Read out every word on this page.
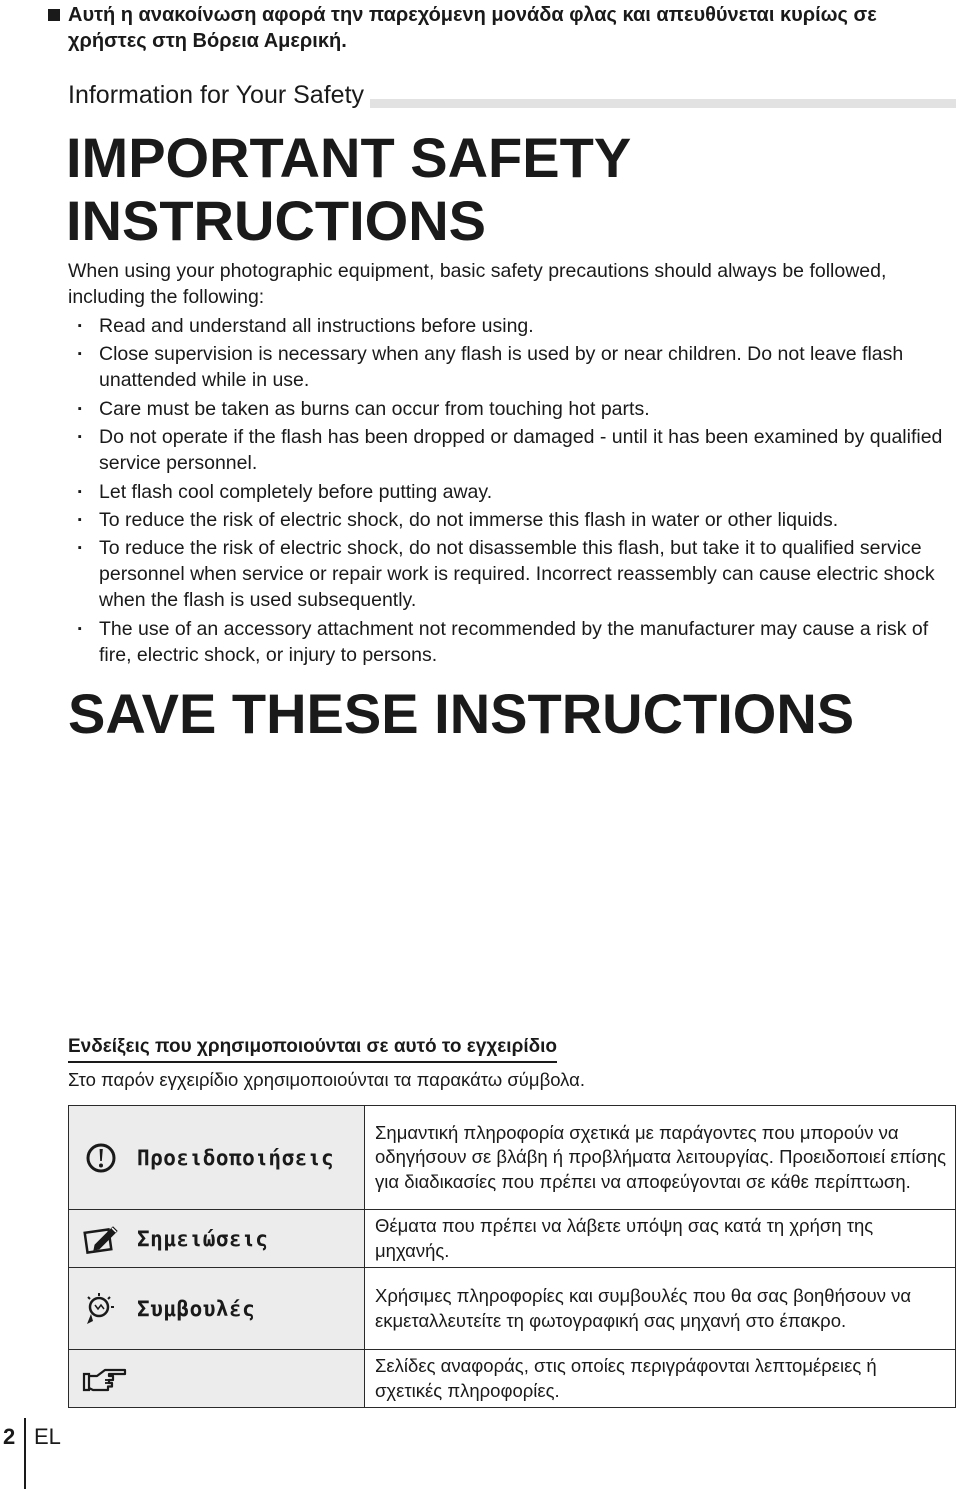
Αυτή η ανακοίνωση αφορά την παρεχόμενη μονάδα φλας και απευθύνεται κυρίως σε χρήστες στη Βόρεια Αμερική.
Information for Your Safety
IMPORTANT SAFETY
INSTRUCTIONS
When using your photographic equipment, basic safety precautions should always be followed, including the following:
· Read and understand all instructions before using.
· Close supervision is necessary when any flash is used by or near children. Do not leave flash unattended while in use.
· Care must be taken as burns can occur from touching hot parts.
· Do not operate if the flash has been dropped or damaged - until it has been examined by qualified service personnel.
· Let flash cool completely before putting away.
· To reduce the risk of electric shock, do not immerse this flash in water or other liquids.
· To reduce the risk of electric shock, do not disassemble this flash, but take it to qualified service personnel when service or repair work is required. Incorrect reassembly can cause electric shock when the flash is used subsequently.
· The use of an accessory attachment not recommended by the manufacturer may cause a risk of fire, electric shock, or injury to persons.
SAVE THESE INSTRUCTIONS
Ενδείξεις που χρησιμοποιούνται σε αυτό το εγχειρίδιο
Στο παρόν εγχειρίδιο χρησιμοποιούνται τα παρακάτω σύμβολα.
Προειδοποιήσεις	Σημαντική πληροφορία σχετικά με παράγοντες που μπορούν να οδηγήσουν σε βλάβη ή προβλήματα λειτουργίας. Προειδοποιεί επίσης για διαδικασίες που πρέπει να αποφεύγονται σε κάθε περίπτωση.

Σημειώσεις	Θέματα που πρέπει να λάβετε υπόψη σας κατά τη χρήση της μηχανής.

Συμβουλές	Χρήσιμες πληροφορίες και συμβουλές που θα σας βοηθήσουν να εκμεταλλευτείτε τη φωτογραφική σας μηχανή στο έπακρο.

	Σελίδες αναφοράς, στις οποίες περιγράφονται λεπτομέρειες ή σχετικές πληροφορίες.
2 EL
